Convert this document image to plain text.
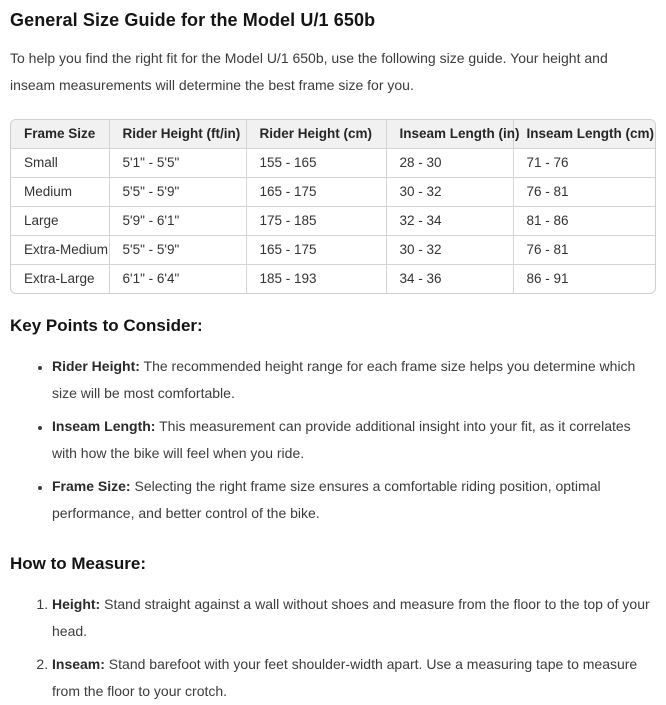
General Size Guide for the Model U/1 650b

To help you find the right fit for the Model U/1 650b, use the following size guide. Your height and inseam measurements will determine the best frame size for you.

Frame Size	Rider Height (ft/in)	Rider Height (cm)	Inseam Length (in)	Inseam Length (cm)
Small	5'1" - 5'5"	155 - 165	28 - 30	71 - 76
Medium	5'5" - 5'9"	165 - 175	30 - 32	76 - 81
Large	5'9" - 6'1"	175 - 185	32 - 34	81 - 86
Extra-Medium	5'5" - 5'9"	165 - 175	30 - 32	76 - 81
Extra-Large	6'1" - 6'4"	185 - 193	34 - 36	86 - 91
Key Points to Consider:
• Rider Height: The recommended height range for each frame size helps you determine which size will be most comfortable.
• Inseam Length: This measurement can provide additional insight into your fit, as it correlates with how the bike will feel when you ride.
• Frame Size: Selecting the right frame size ensures a comfortable riding position, optimal performance, and better control of the bike.
How to Measure:
1. Height: Stand straight against a wall without shoes and measure from the floor to the top of your head.
2. Inseam: Stand barefoot with your feet shoulder-width apart. Use a measuring tape to measure from the floor to your crotch.
